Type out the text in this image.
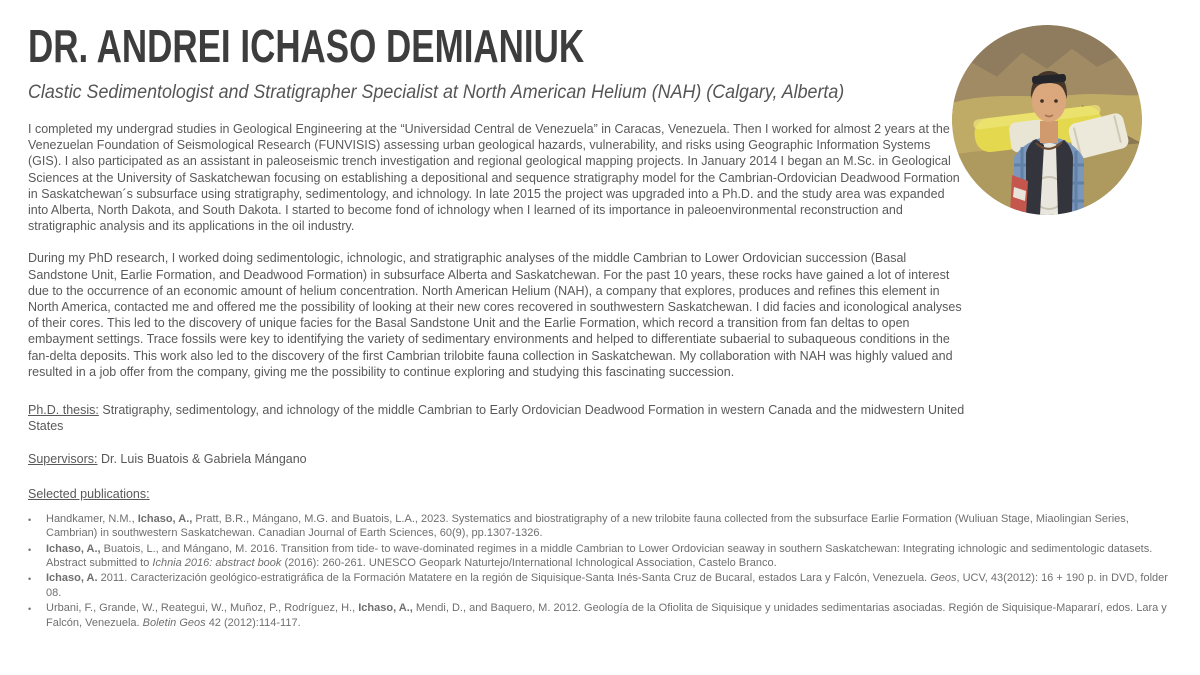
DR. ANDREI ICHASO DEMIANIUK
Clastic Sedimentologist and Stratigrapher Specialist at North American Helium (NAH) (Calgary, Alberta)

I completed my undergrad studies in Geological Engineering at the “Universidad Central de Venezuela” in Caracas, Venezuela. Then I worked for almost 2 years at the Venezuelan Foundation of Seismological Research (FUNVISIS) assessing urban geological hazards, vulnerability, and risks using Geographic Information Systems (GIS). I also participated as an assistant in paleoseismic trench investigation and regional geological mapping projects. In January 2014 I began an M.Sc. in Geological Sciences at the University of Saskatchewan focusing on establishing a depositional and sequence stratigraphy model for the Cambrian-Ordovician Deadwood Formation in Saskatchewan´s subsurface using stratigraphy, sedimentology, and ichnology. In late 2015 the project was upgraded into a Ph.D. and the study area was expanded into Alberta, North Dakota, and South Dakota. I started to become fond of ichnology when I learned of its importance in paleoenvironmental reconstruction and stratigraphic analysis and its applications in the oil industry.

During my PhD research, I worked doing sedimentologic, ichnologic, and stratigraphic analyses of the middle Cambrian to Lower Ordovician succession (Basal Sandstone Unit, Earlie Formation, and Deadwood Formation) in subsurface Alberta and Saskatchewan. For the past 10 years, these rocks have gained a lot of interest due to the occurrence of an economic amount of helium concentration. North American Helium (NAH), a company that explores, produces and refines this element in North America, contacted me and offered me the possibility of looking at their new cores recovered in southwestern Saskatchewan. I did facies and iconological analyses of their cores. This led to the discovery of unique facies for the Basal Sandstone Unit and the Earlie Formation, which record a transition from fan deltas to open embayment settings. Trace fossils were key to identifying the variety of sedimentary environments and helped to differentiate subaerial to subaqueous conditions in the fan-delta deposits. This work also led to the discovery of the first Cambrian trilobite fauna collection in Saskatchewan. My collaboration with NAH was highly valued and resulted in a job offer from the company, giving me the possibility to continue exploring and studying this fascinating succession.

Ph.D. thesis: Stratigraphy, sedimentology, and ichnology of the middle Cambrian to Early Ordovician Deadwood Formation in western Canada and the midwestern United States

Supervisors: Dr. Luis Buatois & Gabriela Mángano

Selected publications:

•	Handkamer, N.M., Ichaso, A., Pratt, B.R., Mángano, M.G. and Buatois, L.A., 2023. Systematics and biostratigraphy of a new trilobite fauna collected from the subsurface Earlie Formation (Wuliuan Stage, Miaolingian Series, Cambrian) in southwestern Saskatchewan. Canadian Journal of Earth Sciences, 60(9), pp.1307-1326.
•	Ichaso, A., Buatois, L., and Mángano, M. 2016. Transition from tide- to wave-dominated regimes in a middle Cambrian to Lower Ordovician seaway in southern Saskatchewan: Integrating ichnologic and sedimentologic datasets. Abstract submitted to Ichnia 2016: abstract book (2016): 260-261. UNESCO Geopark Naturtejo/International Ichnological Association, Castelo Branco.
•	Ichaso, A. 2011. Caracterización geológico-estratigráfica de la Formación Matatere en la región de Siquisique-Santa Inés-Santa Cruz de Bucaral, estados Lara y Falcón, Venezuela. Geos, UCV, 43(2012): 16 + 190 p. in DVD, folder 08.
•	Urbani, F., Grande, W., Reategui, W., Muñoz, P., Rodríguez, H., Ichaso, A., Mendi, D., and Baquero, M. 2012. Geología de la Ofiolita de Siquisique y unidades sedimentarias asociadas. Región de Siquisique-Mapararí, edos. Lara y Falcón, Venezuela. Boletin Geos 42 (2012):114-117.
